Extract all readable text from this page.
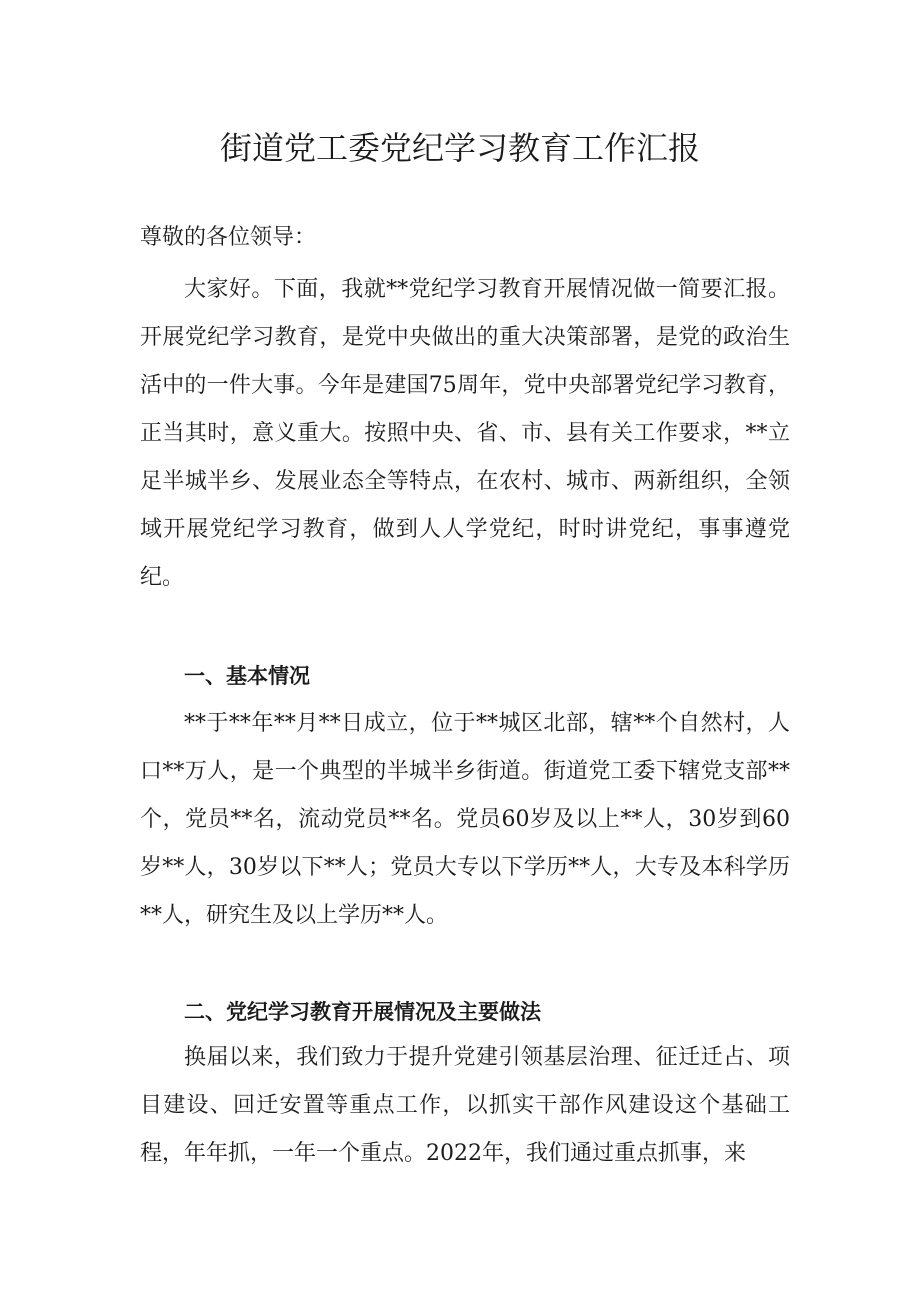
街道党工委党纪学习教育工作汇报

尊敬的各位领导：

大家好。下面，我就**党纪学习教育开展情况做一简要汇报。开展党纪学习教育，是党中央做出的重大决策部署，是党的政治生活中的一件大事。今年是建国75周年，党中央部署党纪学习教育，正当其时，意义重大。按照中央、省、市、县有关工作要求，**立足半城半乡、发展业态全等特点，在农村、城市、两新组织，全领域开展党纪学习教育，做到人人学党纪，时时讲党纪，事事遵党纪。

一、基本情况

**于**年**月**日成立，位于**城区北部，辖**个自然村，人口**万人，是一个典型的半城半乡街道。街道党工委下辖党支部**个，党员**名，流动党员**名。党员60岁及以上**人，30岁到60岁**人，30岁以下**人；党员大专以下学历**人，大专及本科学历**人，研究生及以上学历**人。

二、党纪学习教育开展情况及主要做法

换届以来，我们致力于提升党建引领基层治理、征迁迁占、项目建设、回迁安置等重点工作，以抓实干部作风建设这个基础工程，年年抓，一年一个重点。2022年，我们通过重点抓事，来
